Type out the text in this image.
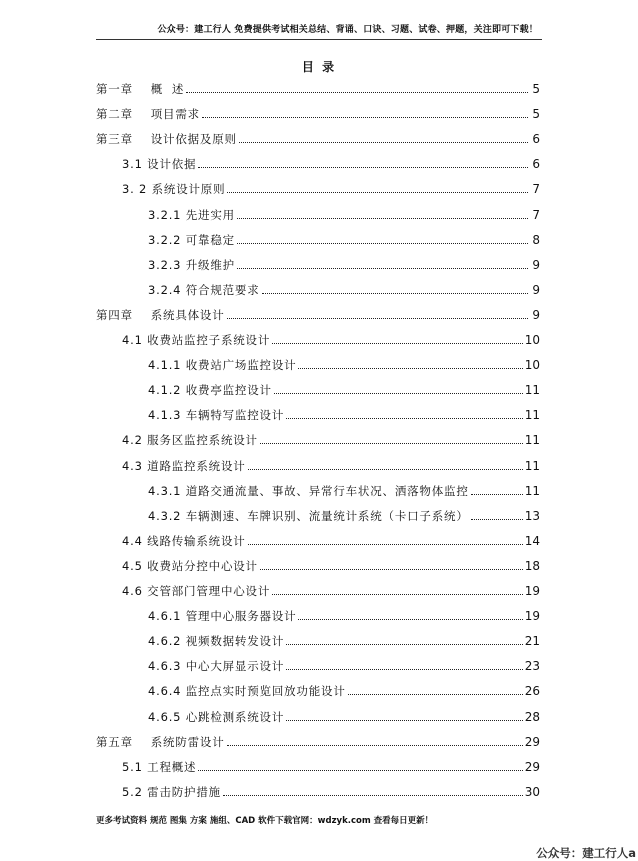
公众号：建工行人 免费提供考试相关总结、背诵、口诀、习题、试卷、押题，关注即可下载！
目 录
第一章    概  述	5
第二章    项目需求	5
第三章    设计依据及原则	6
3.1 设计依据	6
3. 2 系统设计原则	7
3.2.1 先进实用	7
3.2.2 可靠稳定	8
3.2.3 升级维护	9
3.2.4 符合规范要求	9
第四章    系统具体设计	9
4.1 收费站监控子系统设计	10
4.1.1 收费站广场监控设计	10
4.1.2 收费亭监控设计	11
4.1.3 车辆特写监控设计	11
4.2 服务区监控系统设计	11
4.3 道路监控系统设计	11
4.3.1 道路交通流量、事故、异常行车状况、洒落物体监控	11
4.3.2 车辆测速、车牌识别、流量统计系统（卡口子系统）	13
4.4 线路传输系统设计	14
4.5 收费站分控中心设计	18
4.6 交管部门管理中心设计	19
4.6.1 管理中心服务器设计	19
4.6.2 视频数据转发设计	21
4.6.3 中心大屏显示设计	23
4.6.4 监控点实时预览回放功能设计	26
4.6.5 心跳检测系统设计	28
第五章    系统防雷设计	29
5.1 工程概述	29
5.2 雷击防护措施	30
更多考试资料 规范 图集 方案 施组、CAD 软件下载官网：wdzyk.com 查看每日更新！
公众号：建工行人a
